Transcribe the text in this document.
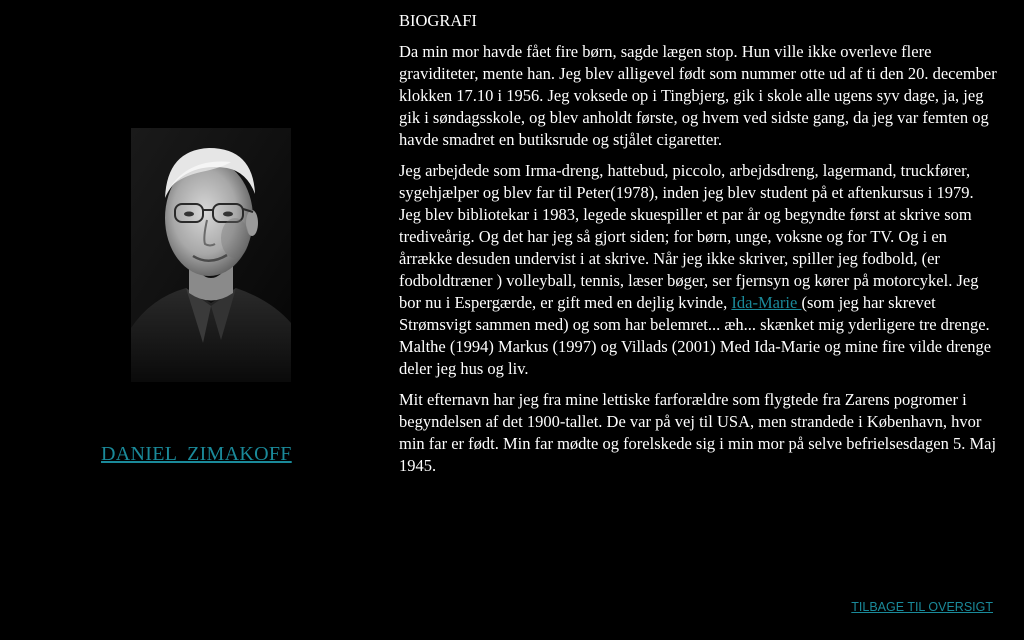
DANIEL  ZIMAKOFF
BIOGRAFI

Da min mor havde fået fire børn, sagde lægen stop. Hun ville ikke overleve flere graviditeter, mente han. Jeg blev alligevel født som nummer otte ud af ti den 20. december klokken 17.10 i 1956. Jeg voksede op i Tingbjerg, gik i skole alle ugens syv dage, ja, jeg gik i søndagsskole, og blev anholdt første, og hvem ved sidste gang, da jeg var femten og havde smadret en butiksrude og stjålet cigaretter.

Jeg arbejdede som Irma-dreng, hattebud, piccolo, arbejdsdreng, lagermand, truckfører, sygehjælper og blev far til Peter(1978), inden jeg blev student på et aftenkursus i 1979. Jeg blev bibliotekar i 1983, legede skuespiller et par år og begyndte først at skrive som trediveårig. Og det har jeg så gjort siden; for børn, unge, voksne og for TV. Og i en årrække desuden undervist i at skrive. Når jeg ikke skriver, spiller jeg fodbold, (er fodboldtræner ) volleyball, tennis, læser bøger, ser fjernsyn og kører på motorcykel. Jeg bor nu i Espergærde, er gift med en dejlig kvinde, Ida-Marie (som jeg har skrevet Strømsvigt sammen med) og som har belemret... æh... skænket mig yderligere tre drenge. Malthe (1994) Markus (1997) og Villads (2001) Med Ida-Marie og mine fire vilde drenge deler jeg hus og liv.

Mit efternavn har jeg fra mine lettiske farforældre som flygtede fra Zarens pogromer i begyndelsen af det 1900-tallet. De var på vej til USA, men strandede i København, hvor min far er født. Min far mødte og forelskede sig i min mor på selve befrielsesdagen 5. Maj 1945.

TILBAGE TIL OVERSIGT
